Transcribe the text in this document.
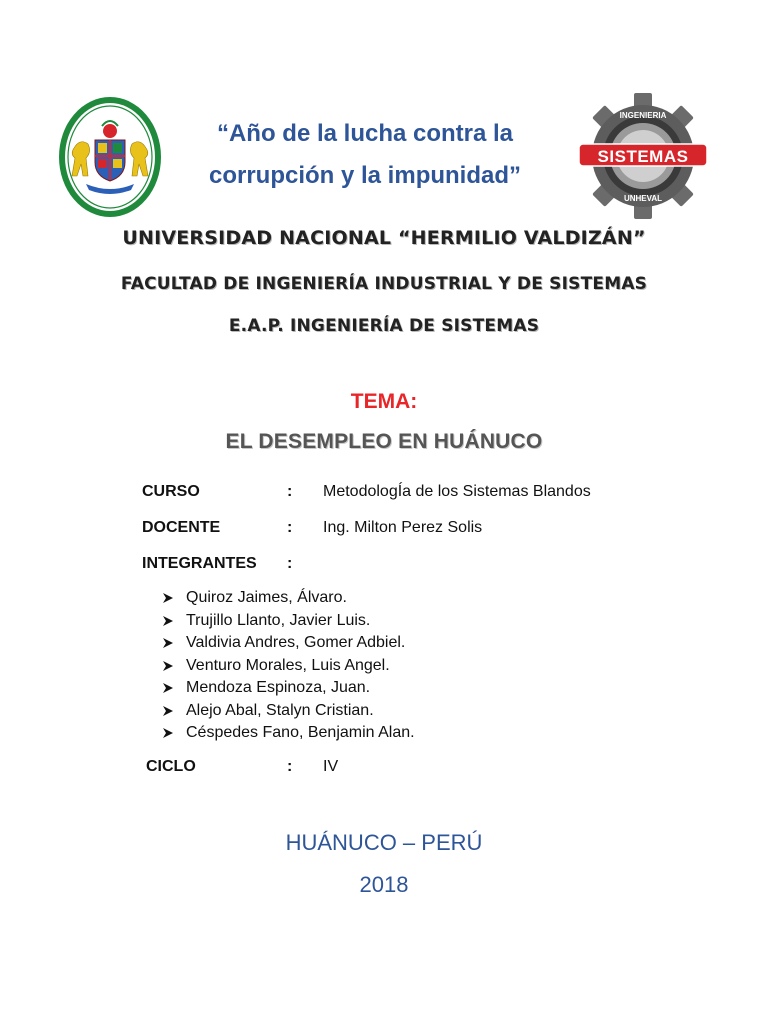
“Año de la lucha contra la
corrupción y la impunidad”
INGENIERIA
UNHEVAL
SISTEMAS
UNIVERSIDAD NACIONAL “HERMILIO VALDIZÁN”
FACULTAD DE INGENIERÍA INDUSTRIAL Y DE SISTEMAS
E.A.P. INGENIERÍA DE SISTEMAS
TEMA:
EL DESEMPLEO EN HUÁNUCO
CURSO	: MetodologÍa de los Sistemas Blandos
DOCENTE	: Ing. Milton Perez Solis
INTEGRANTES :
Quiroz Jaimes, Álvaro.
Trujillo Llanto, Javier Luis.
Valdivia Andres, Gomer Adbiel.
Venturo Morales, Luis Angel.
Mendoza Espinoza, Juan.
Alejo Abal, Stalyn Cristian.
Céspedes Fano, Benjamin Alan.
CICLO	: IV
HUÁNUCO – PERÚ
2018
